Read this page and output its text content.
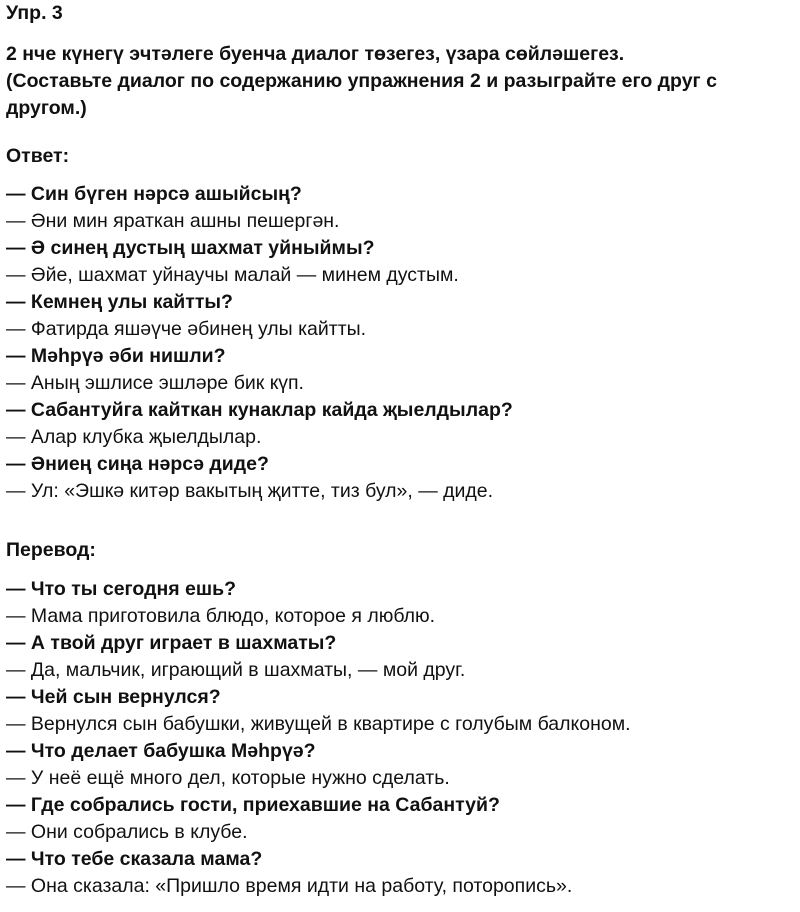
Упр. 3
2 нче күнегү эчтәлеге буенча диалог төзегез, үзара сөйләшегез.
(Составьте диалог по содержанию упражнения 2 и разыграйте его друг с другом.)
Ответ:
— Син бүген нәрсә ашыйсың?
— Әни мин яраткан ашны пешергән.
— Ә синең дустың шахмат уйныймы?
— Әйе, шахмат уйнаучы малай — минем дустым.
— Кемнең улы кайтты?
— Фатирда яшәүче әбинең улы кайтты.
— Мәһрүә әби нишли?
— Аның эшлисе эшләре бик күп.
— Сабантуйга кайткан кунаклар кайда җыелдылар?
— Алар клубка җыелдылар.
— Әниең сиңа нәрсә диде?
— Ул: «Эшкә китәр вакытың җитте, тиз бул», — диде.
Перевод:
— Что ты сегодня ешь?
— Мама приготовила блюдо, которое я люблю.
— А твой друг играет в шахматы?
— Да, мальчик, играющий в шахматы, — мой друг.
— Чей сын вернулся?
— Вернулся сын бабушки, живущей в квартире с голубым балконом.
— Что делает бабушка Мәһрүә?
— У неё ещё много дел, которые нужно сделать.
— Где собрались гости, приехавшие на Сабантуй?
— Они собрались в клубе.
— Что тебе сказала мама?
— Она сказала: «Пришло время идти на работу, поторопись».
